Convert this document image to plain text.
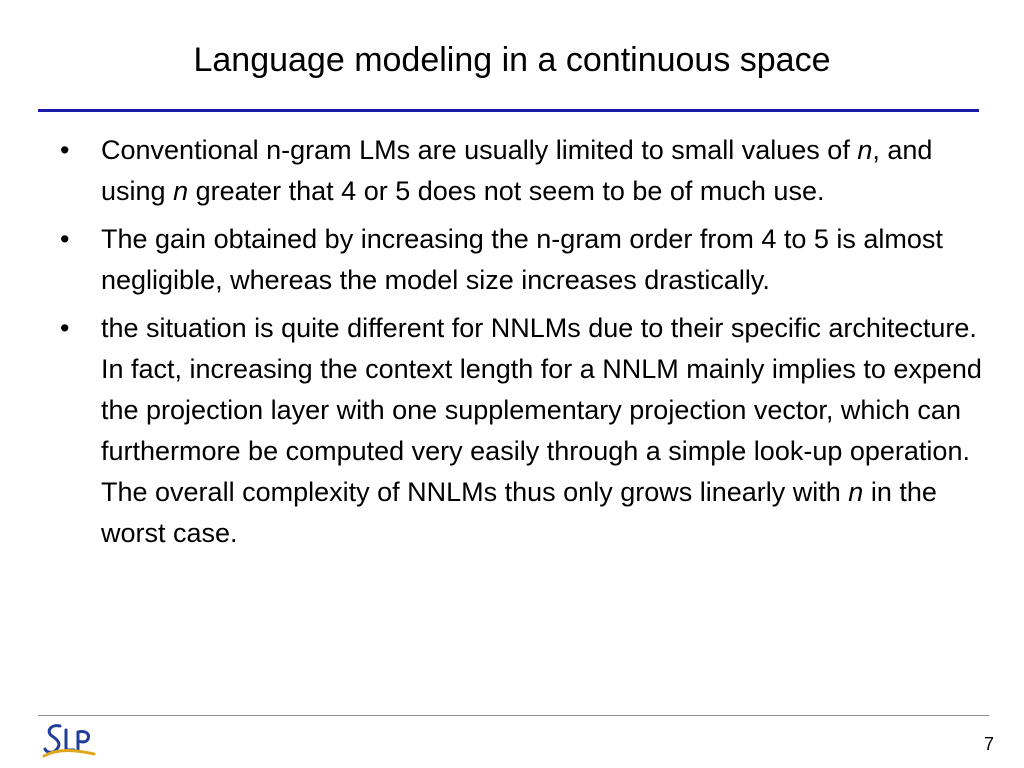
Language modeling in a continuous space
• Conventional n-gram LMs are usually limited to small values of n, and using n greater that 4 or 5 does not seem to be of much use.
• The gain obtained by increasing the n-gram order from 4 to 5 is almost negligible, whereas the model size increases drastically.
• the situation is quite different for NNLMs due to their specific architecture. In fact, increasing the context length for a NNLM mainly implies to expend the projection layer with one supplementary projection vector, which can furthermore be computed very easily through a simple look-up operation. The overall complexity of NNLMs thus only grows linearly with n in the worst case.
7
